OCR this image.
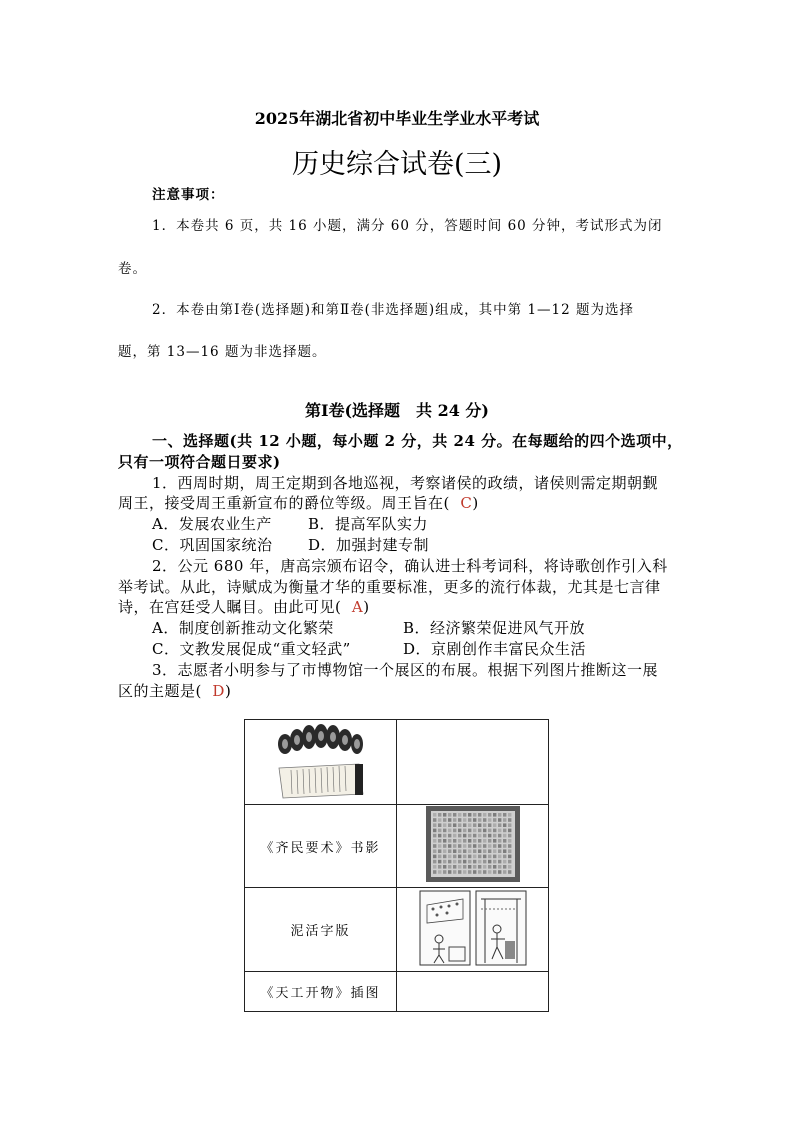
2025年湖北省初中毕业生学业水平考试
历史综合试卷(三)
注意事项：
1．本卷共 6 页，共 16 小题，满分 60 分，答题时间 60 分钟，考试形式为闭
卷。
2．本卷由第Ⅰ卷(选择题)和第Ⅱ卷(非选择题)组成，其中第 1—12 题为选择
题，第 13—16 题为非选择题。
第Ⅰ卷(选择题　共 24 分)
一、选择题(共 12 小题，每小题 2 分，共 24 分。在每题给的四个选项中，
只有一项符合题日要求)
1．西周时期，周王定期到各地巡视，考察诸侯的政绩，诸侯则需定期朝觐
周王，接受周王重新宣布的爵位等级。周王旨在( C)
A．发展农业生产 B．提高军队实力
C．巩固国家统治 D．加强封建专制
2．公元 680 年，唐高宗颁布诏令，确认进士科考词科，将诗歌创作引入科
举考试。从此，诗赋成为衡量才华的重要标准，更多的流行体裁，尤其是七言律
诗，在宫廷受人瞩目。由此可见( A)
A．制度创新推动文化繁荣	B．经济繁荣促进风气开放
C．文教发展促成“重文轻武”	D．京剧创作丰富民众生活
3．志愿者小明参与了市博物馆一个展区的布展。根据下列图片推断这一展
区的主题是( D)

《齐民要术》书影	
泥活字版	
《天工开物》插图	
